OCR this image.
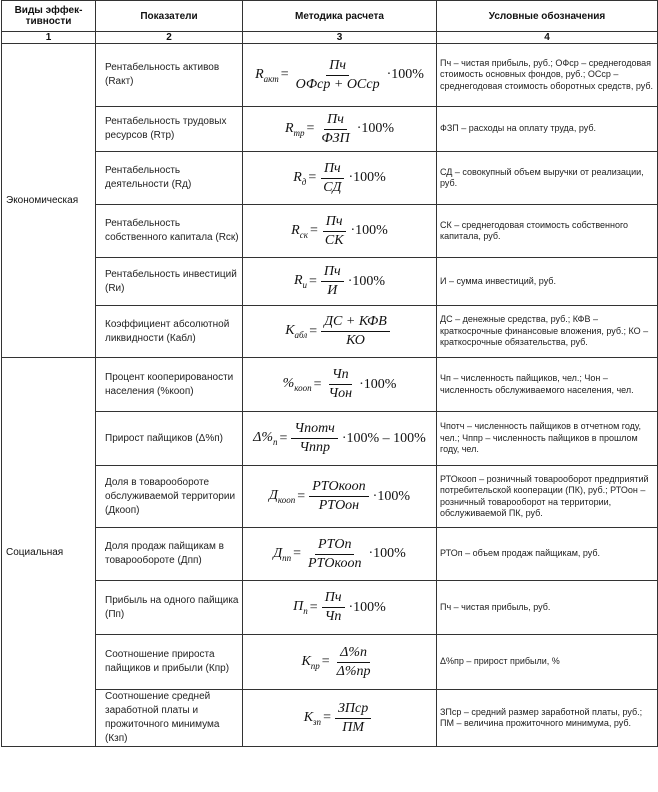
Виды эффек-тивности	Показатели	Методика расчета	Условные обозначения
1	2	3	4
Экономическая	Рентабельность активов (Rакт)	$R_{акт} = \frac{Пч}{\text{ОФср + ОСср}} \cdot 100\%$	Пч – чистая прибыль, руб.; ОФср – среднегодовая стоимость основных фондов, руб.; ОСср – среднегодовая стоимость оборотных средств, руб.
	Рентабельность трудовых ресурсов (Rтр)	$R_{тр} = \frac{Пч}{\text{ФЗП}} \cdot 100\%$	ФЗП – расходы на оплату труда, руб.
	Рентабельность деятельности (Rд)	$R_д = \frac{Пч}{СД} \cdot 100\%$	СД – совокупный объем выручки от реализации, руб.
	Рентабельность собственного капитала (Rск)	$R_{ск} = \frac{Пч}{СК} \cdot 100\%$	СК – среднегодовая стоимость собственного капитала, руб.
	Рентабельность инвестиций (Rи)	$R_и = \frac{Пч}{И} \cdot 100\%$	И – сумма инвестиций, руб.
	Коэффициент абсолютной ликвидности (Кабл)	$К_{абл} = \frac{\text{ДС + КФВ}}{КО}$	ДС – денежные средства, руб.; КФВ – краткосрочные финансовые вложения, руб.; КО – краткосрочные обязательства, руб.
Социальная	Процент кооперированости населения (%коoп)	$\%_{кооп} = \frac{Чп}{\text{Чон}} \cdot 100\%$	Чп – численность пайщиков, чел.; Чон – численность обслуживаемого населения, чел.
	Прирост пайщиков (Δ%п)	$\Delta\%_п = \frac{\text{Чпотч}}{\text{Чппр}} \cdot 100\% - 100\%$	Чпотч – численность пайщиков в отчетном году, чел.; Чппр – численность пайщиков в прошлом году, чел.
	Доля в товарообороте обслуживаемой территории (Дкооп)	$Д_{кооп} = \frac{\text{РТОкооп}}{\text{РТОон}} \cdot 100\%$	РТОкооп – розничный товарооборот предприятий потребительской кооперации (ПК), руб.; РТОон – розничный товарооборот на территории, обслуживаемой ПК, руб.
	Доля продаж пайщикам в товарообороте (Дпп)	$Д_{пп} = \frac{\text{РТОп}}{\text{РТОкооп}} \cdot 100\%$	РТОп – объем продаж пайщикам, руб.
	Прибыль на одного пайщика (Пп)	$П_п = \frac{Пч}{Чп} \cdot 100\%$	Пч – чистая прибыль, руб.
	Соотношение прироста пайщиков и прибыли (Кпр)	$К_{пр} = \frac{\Delta\%п}{\Delta\%пр}$	Δ%пр – прирост прибыли, %
	Соотношение средней заработной платы и прожиточного минимума (Кзп)	$К_{зп} = \frac{\text{ЗПср}}{ПМ}$	ЗПср – средний размер заработной платы, руб.; ПМ – величина прожиточного минимума, руб.
